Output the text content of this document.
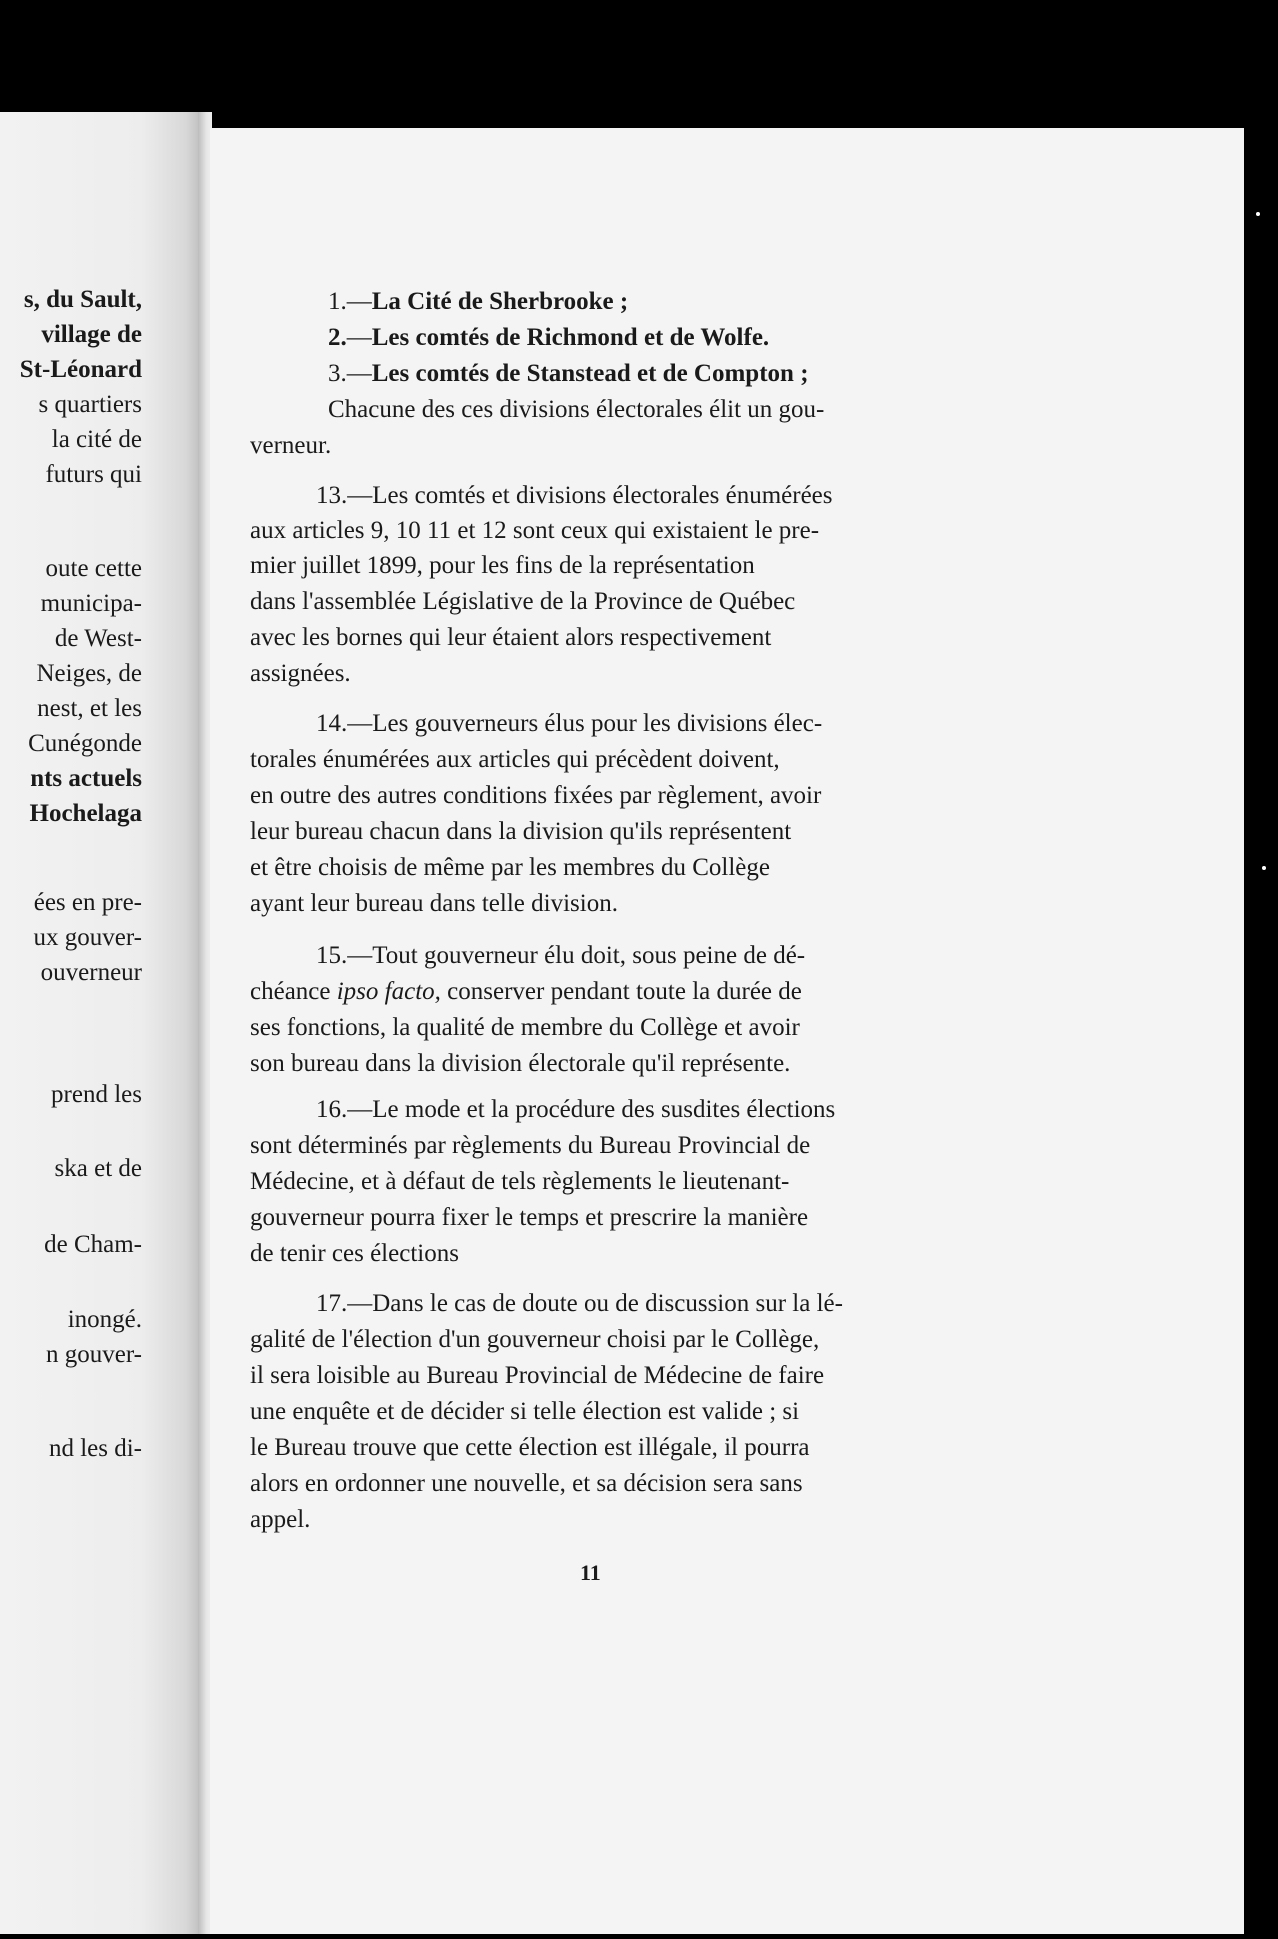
s, du Sault,
village de
St-Léonard
s quartiers
la cité de
futurs qui
oute cette
municipa-
de West-
Neiges, de
nest, et les
Cunégonde
nts actuels
Hochelaga
ées en pre-
ux gouver-
ouverneur
prend les
ska et de
de Cham-
inongé.
n gouver-
nd les di-
1.—La Cité de Sherbrooke ;
2.—Les comtés de Richmond et de Wolfe.
3.—Les comtés de Stanstead et de Compton ;
Chacune des ces divisions électorales élit un gou-
verneur.
13.—Les comtés et divisions électorales énumérées
aux articles 9, 10 11 et 12 sont ceux qui existaient le pre-
mier juillet 1899, pour les fins de la représentation
dans l'assemblée Législative de la Province de Québec
avec les bornes qui leur étaient alors respectivement
assignées.
14.—Les gouverneurs élus pour les divisions élec-
torales énumérées aux articles qui précèdent doivent,
en outre des autres conditions fixées par règlement, avoir
leur bureau chacun dans la division qu'ils représentent
et être choisis de même par les membres du Collège
ayant leur bureau dans telle division.
15.—Tout gouverneur élu doit, sous peine de dé-
chéance ipso facto, conserver pendant toute la durée de
ses fonctions, la qualité de membre du Collège et avoir
son bureau dans la division électorale qu'il représente.
16.—Le mode et la procédure des susdites élections
sont déterminés par règlements du Bureau Provincial de
Médecine, et à défaut de tels règlements le lieutenant-
gouverneur pourra fixer le temps et prescrire la manière
de tenir ces élections
17.—Dans le cas de doute ou de discussion sur la lé-
galité de l'élection d'un gouverneur choisi par le Collège,
il sera loisible au Bureau Provincial de Médecine de faire
une enquête et de décider si telle élection est valide ; si
le Bureau trouve que cette élection est illégale, il pourra
alors en ordonner une nouvelle, et sa décision sera sans
appel.
11
